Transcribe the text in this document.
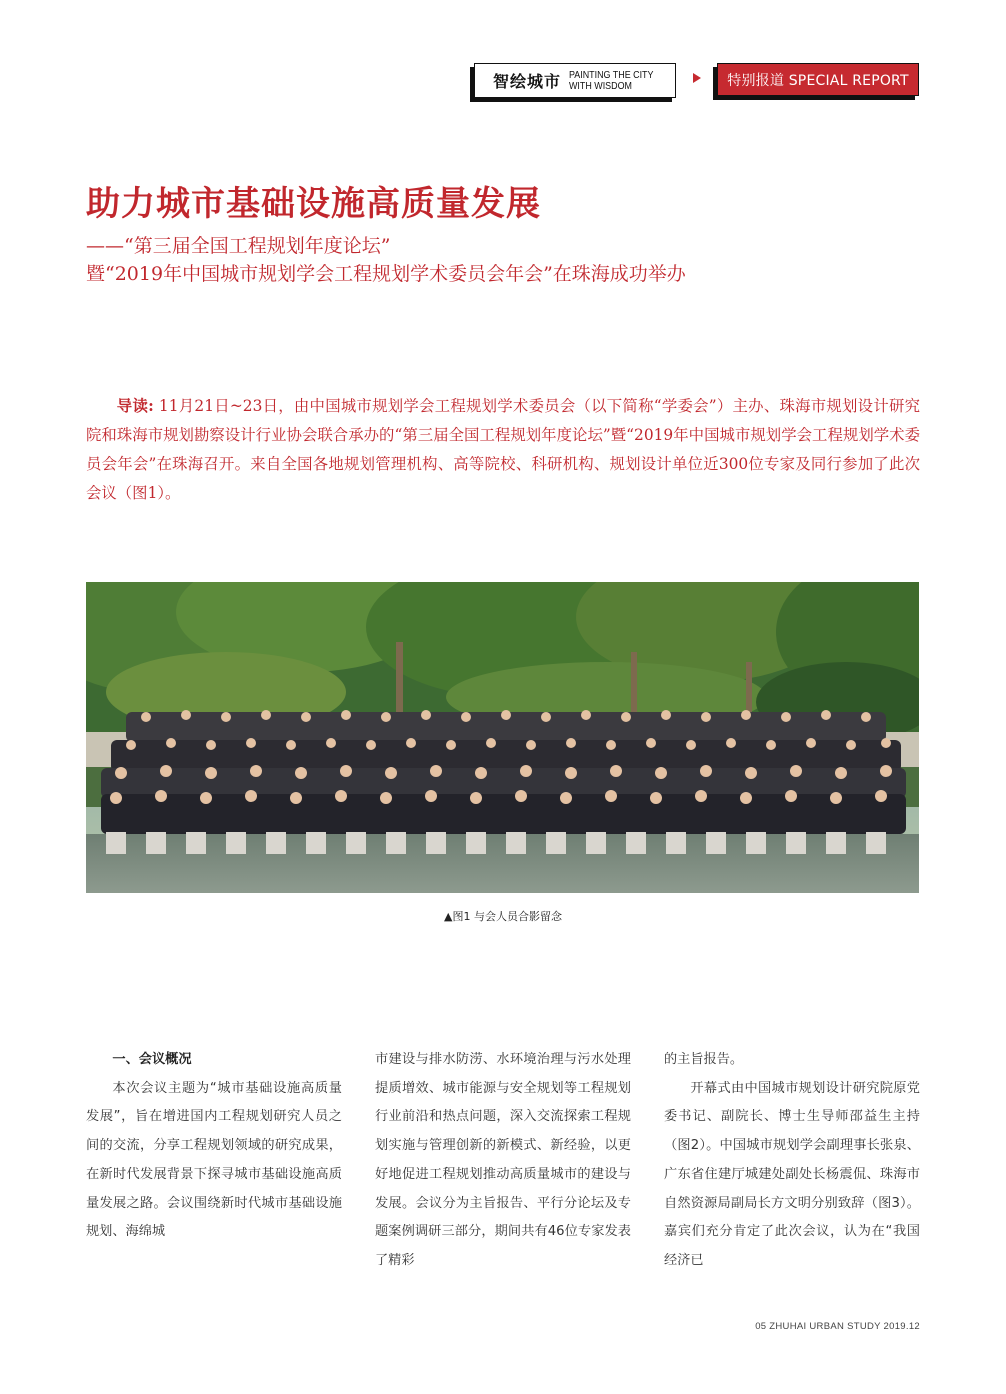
智绘城市 PAINTING THE CITY
WITH WISDOM	特别报道 SPECIAL REPORT
助力城市基础设施高质量发展

——“第三届全国工程规划年度论坛”

暨“2019年中国城市规划学会工程规划学术委员会年会”在珠海成功举办

导读: 11月21日~23日，由中国城市规划学会工程规划学术委员会（以下简称“学委会”）主办、珠海市规划设计研究院和珠海市规划勘察设计行业协会联合承办的“第三届全国工程规划年度论坛”暨“2019年中国城市规划学会工程规划学术委员会年会”在珠海召开。来自全国各地规划管理机构、高等院校、科研机构、规划设计单位近300位专家及同行参加了此次会议（图1）。

▲图1 与会人员合影留念

一、会议概况

本次会议主题为“城市基础设施高质量发展”，旨在增进国内工程规划研究人员之间的交流，分享工程规划领域的研究成果，在新时代发展背景下探寻城市基础设施高质量发展之路。会议围绕新时代城市基础设施规划、海绵城

市建设与排水防涝、水环境治理与污水处理提质增效、城市能源与安全规划等工程规划行业前沿和热点问题，深入交流探索工程规划实施与管理创新的新模式、新经验，以更好地促进工程规划推动高质量城市的建设与发展。会议分为主旨报告、平行分论坛及专题案例调研三部分，期间共有46位专家发表了精彩

的主旨报告。

开幕式由中国城市规划设计研究院原党委书记、副院长、博士生导师邵益生主持（图2）。中国城市规划学会副理事长张泉、广东省住建厅城建处副处长杨震侃、珠海市自然资源局副局长方文明分别致辞（图3）。嘉宾们充分肯定了此次会议，认为在“我国经济已

05 ZHUHAI URBAN STUDY 2019.12
